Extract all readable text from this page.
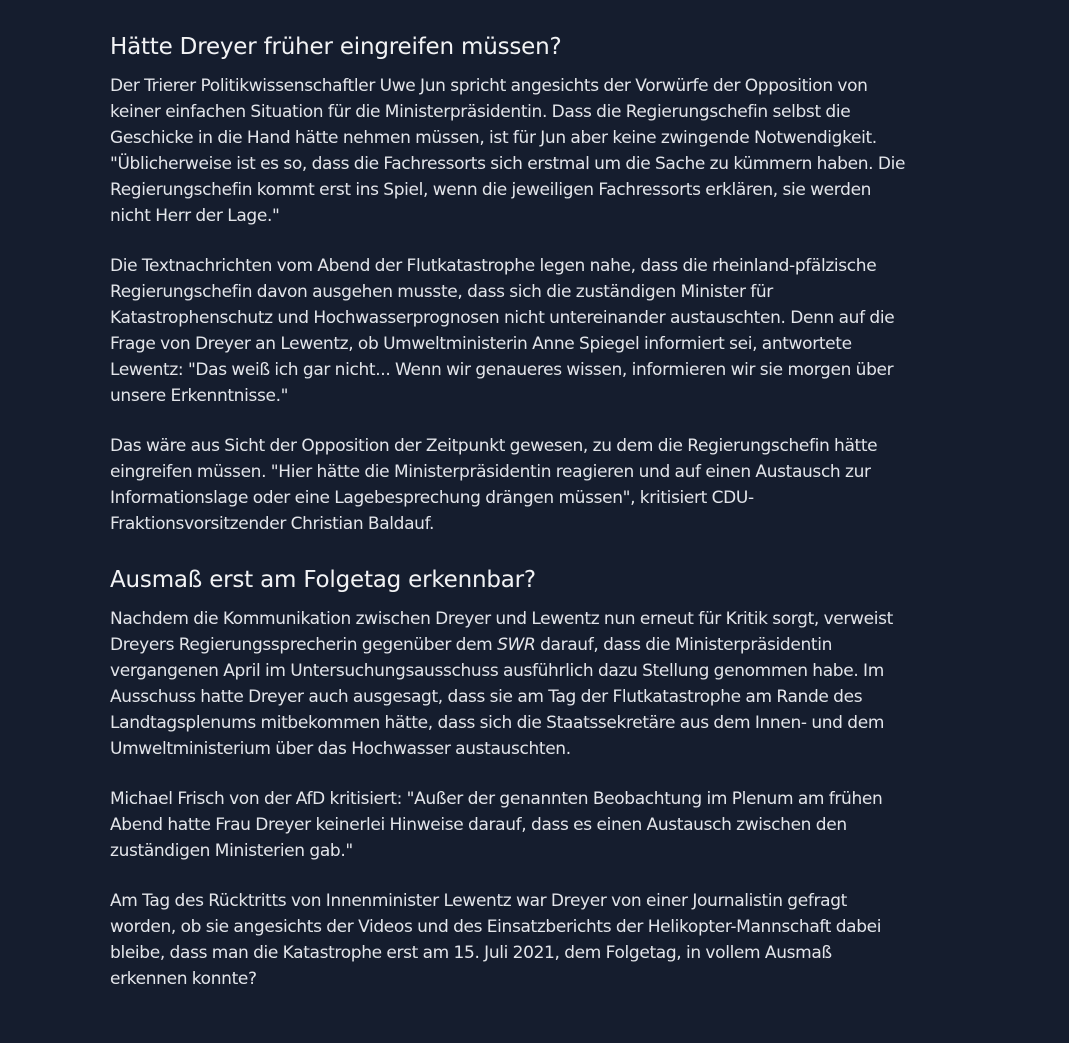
Hätte Dreyer früher eingreifen müssen?

Der Trierer Politikwissenschaftler Uwe Jun spricht angesichts der Vorwürfe der Opposition von keiner einfachen Situation für die Ministerpräsidentin. Dass die Regierungschefin selbst die Geschicke in die Hand hätte nehmen müssen, ist für Jun aber keine zwingende Notwendigkeit. "Üblicherweise ist es so, dass die Fachressorts sich erstmal um die Sache zu kümmern haben. Die Regierungschefin kommt erst ins Spiel, wenn die jeweiligen Fachressorts erklären, sie werden nicht Herr der Lage."

Die Textnachrichten vom Abend der Flutkatastrophe legen nahe, dass die rheinland-pfälzische Regierungschefin davon ausgehen musste, dass sich die zuständigen Minister für Katastrophenschutz und Hochwasserprognosen nicht untereinander austauschten. Denn auf die Frage von Dreyer an Lewentz, ob Umweltministerin Anne Spiegel informiert sei, antwortete Lewentz: "Das weiß ich gar nicht... Wenn wir genaueres wissen, informieren wir sie morgen über unsere Erkenntnisse."

Das wäre aus Sicht der Opposition der Zeitpunkt gewesen, zu dem die Regierungschefin hätte eingreifen müssen. "Hier hätte die Ministerpräsidentin reagieren und auf einen Austausch zur Informationslage oder eine Lagebesprechung drängen müssen", kritisiert CDU-Fraktionsvorsitzender Christian Baldauf.

Ausmaß erst am Folgetag erkennbar?

Nachdem die Kommunikation zwischen Dreyer und Lewentz nun erneut für Kritik sorgt, verweist Dreyers Regierungssprecherin gegenüber dem SWR darauf, dass die Ministerpräsidentin vergangenen April im Untersuchungsausschuss ausführlich dazu Stellung genommen habe. Im Ausschuss hatte Dreyer auch ausgesagt, dass sie am Tag der Flutkatastrophe am Rande des Landtagsplenums mitbekommen hätte, dass sich die Staatssekretäre aus dem Innen- und dem Umweltministerium über das Hochwasser austauschten.

Michael Frisch von der AfD kritisiert: "Außer der genannten Beobachtung im Plenum am frühen Abend hatte Frau Dreyer keinerlei Hinweise darauf, dass es einen Austausch zwischen den zuständigen Ministerien gab."

Am Tag des Rücktritts von Innenminister Lewentz war Dreyer von einer Journalistin gefragt worden, ob sie angesichts der Videos und des Einsatzberichts der Helikopter-Mannschaft dabei bleibe, dass man die Katastrophe erst am 15. Juli 2021, dem Folgetag, in vollem Ausmaß erkennen konnte?
